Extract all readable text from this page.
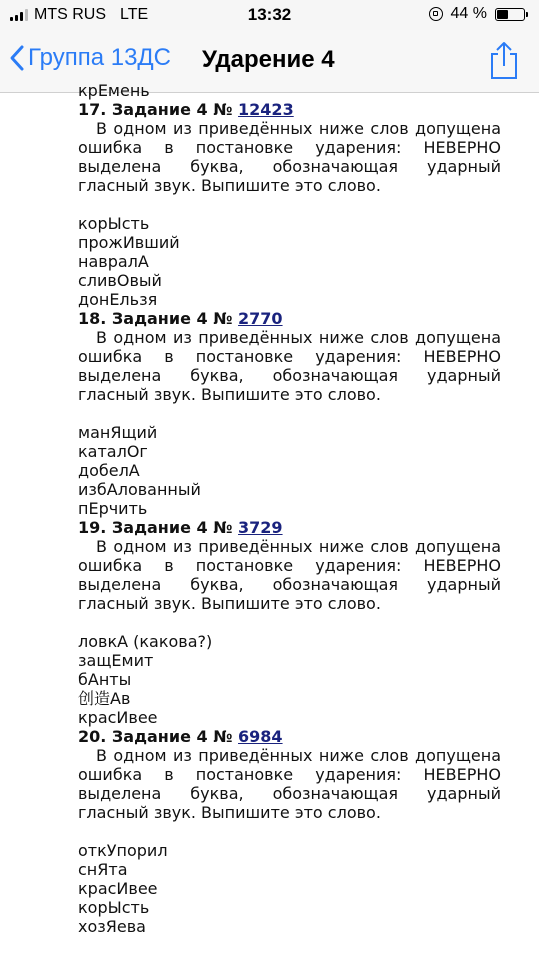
MTS RUS LTE	13:32	44 %
Группа 13ДС Ударение 4
крЕмень
17. Задание 4 № 12423
В одном из приведённых ниже слов допущена ошибка в постановке ударения: НЕВЕРНО выделена буква, обозначающая ударный гласный звук. Выпишите это слово.
корЫсть
прожИвший
навралА
сливОвый
донЕльзя
18. Задание 4 № 2770
В одном из приведённых ниже слов допущена ошибка в постановке ударения: НЕВЕРНО выделена буква, обозначающая ударный гласный звук. Выпишите это слово.
манЯщий
каталОг
добелА
избАлованный
пЕрчить
19. Задание 4 № 3729
В одном из приведённых ниже слов допущена ошибка в постановке ударения: НЕВЕРНО выделена буква, обозначающая ударный гласный звук. Выпишите это слово.
ловкА (какова?)
защЕмит
бАнты
创造Ав
красИвее
20. Задание 4 № 6984
В одном из приведённых ниже слов допущена ошибка в постановке ударения: НЕВЕРНО выделена буква, обозначающая ударный гласный звук. Выпишите это слово.
откУпорил
снЯта
красИвее
корЫсть
хозЯева
